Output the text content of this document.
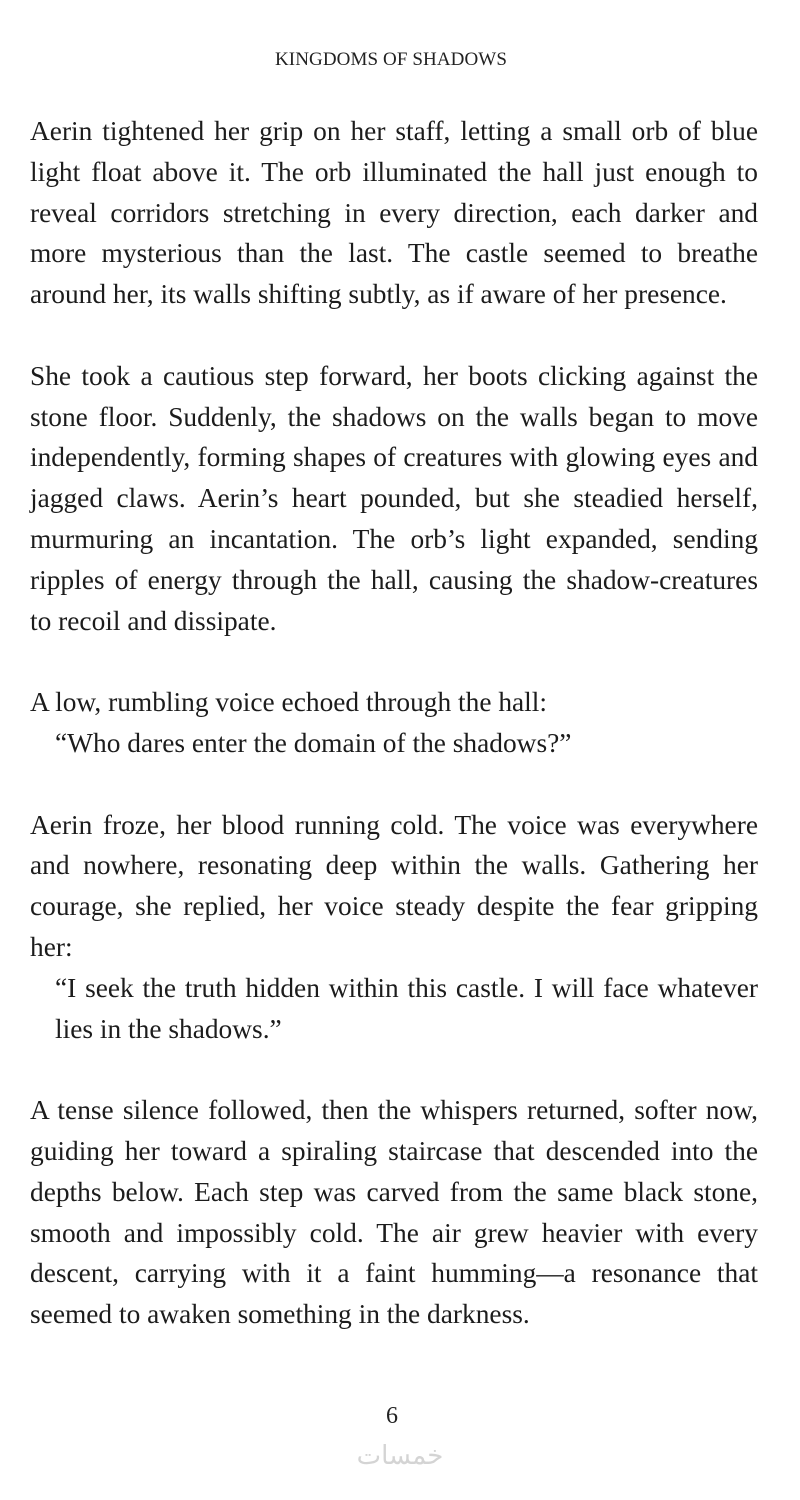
KINGDOMS OF SHADOWS

Aerin tightened her grip on her staff, letting a small orb of blue light float above it. The orb illuminated the hall just enough to reveal corridors stretching in every direction, each darker and more mysterious than the last. The castle seemed to breathe around her, its walls shifting subtly, as if aware of her presence.

She took a cautious step forward, her boots clicking against the stone floor. Suddenly, the shadows on the walls began to move independently, forming shapes of creatures with glowing eyes and jagged claws. Aerin’s heart pounded, but she steadied herself, murmuring an incantation. The orb’s light expanded, sending ripples of energy through the hall, causing the shadow-creatures to recoil and dissipate.

A low, rumbling voice echoed through the hall:
“Who dares enter the domain of the shadows?”
Aerin froze, her blood running cold. The voice was everywhere and nowhere, resonating deep within the walls. Gathering her courage, she replied, her voice steady despite the fear gripping her:
“I seek the truth hidden within this castle. I will face whatever lies in the shadows.”

A tense silence followed, then the whispers returned, softer now, guiding her toward a spiraling staircase that descended into the depths below. Each step was carved from the same black stone, smooth and impossibly cold. The air grew heavier with every descent, carrying with it a faint humming—a resonance that seemed to awaken something in the darkness.

6
خمسات
